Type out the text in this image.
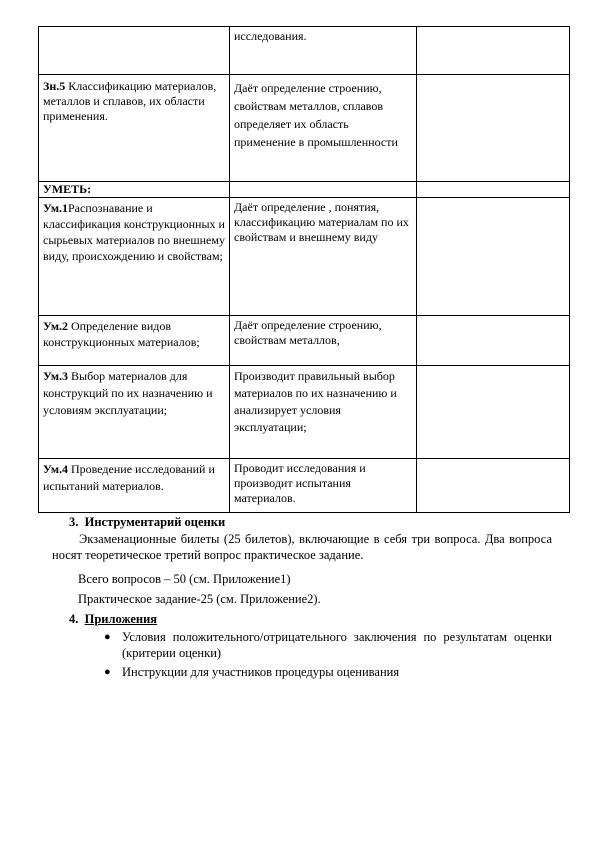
	исследования.	
Зн.5 Классификацию материалов, металлов и сплавов, их области применения.	Даёт определение строению, свойствам металлов, сплавов определяет их область применение в промышленности	
УМЕТЬ:		
Ум.1Распознавание и классификация конструкционных и сырьевых материалов по внешнему виду, происхождению и свойствам;	Даёт определение , понятия, классификацию материалам по их свойствам и внешнему виду	
Ум.2 Определение видов конструкционных материалов;	Даёт определение строению, свойствам металлов,	
Ум.3 Выбор материалов для конструкций по их назначению и условиям эксплуатации;	Производит правильный выбор материалов по их назначению и анализирует условия эксплуатации;	
Ум.4 Проведение исследований и испытаний материалов.	Проводит исследования и производит испытания материалов.	
3. Инструментарий оценки
Экзаменационные билеты (25 билетов), включающие в себя три вопроса. Два вопроса носят теоретическое третий вопрос практическое задание.
Всего вопросов – 50 (см. Приложение1)
Практическое задание-25 (см. Приложение2).
4. Приложения
● Условия положительного/отрицательного заключения по результатам оценки (критерии оценки)
● Инструкции для участников процедуры оценивания
